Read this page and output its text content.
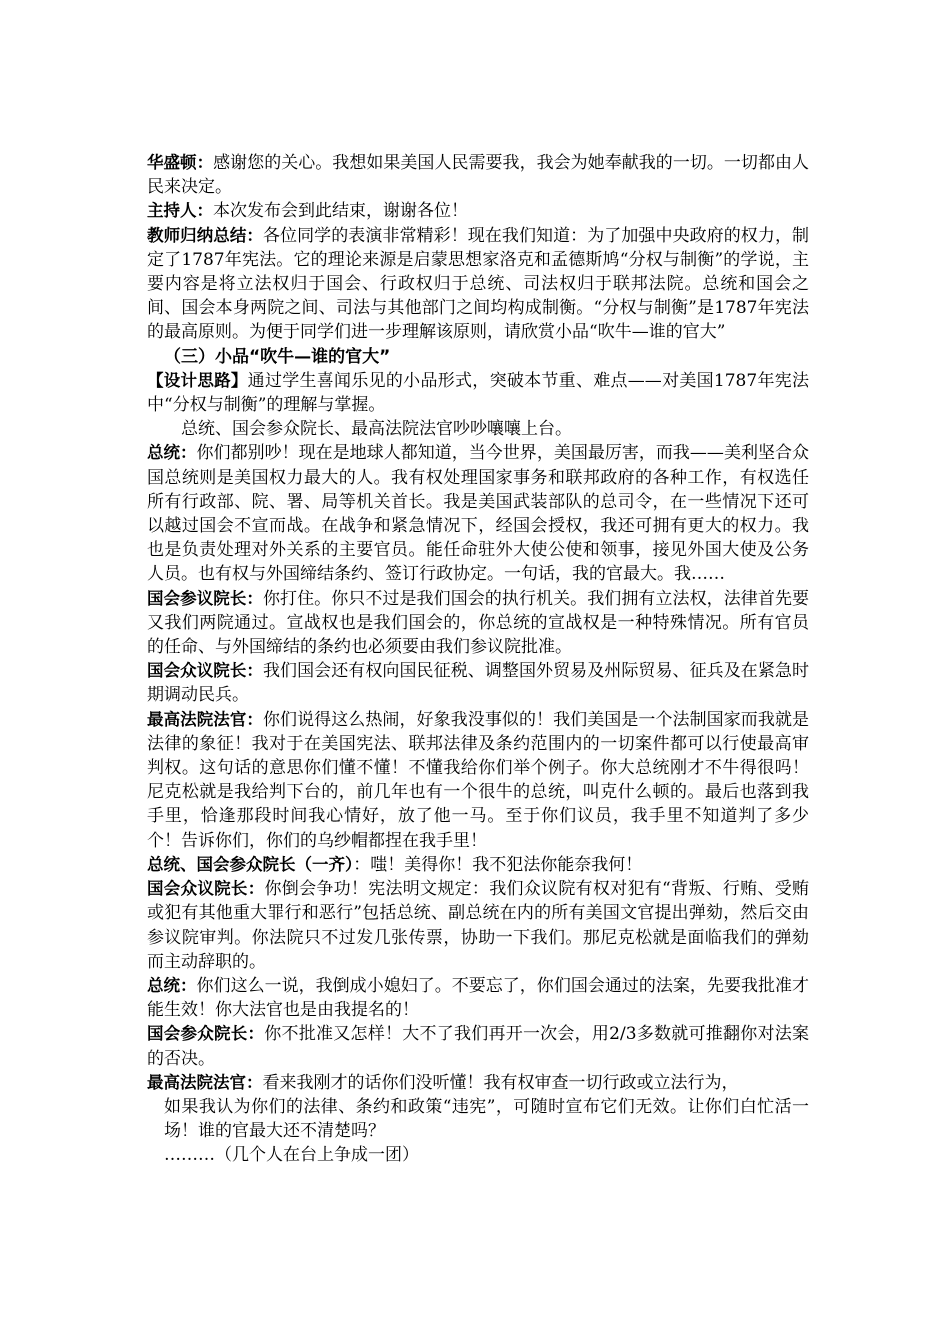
华盛顿：感谢您的关心。我想如果美国人民需要我，我会为她奉献我的一切。一切都由人民来决定。

主持人：本次发布会到此结束，谢谢各位！

教师归纳总结：各位同学的表演非常精彩！现在我们知道：为了加强中央政府的权力，制定了1787年宪法。它的理论来源是启蒙思想家洛克和孟德斯鸠“分权与制衡”的学说，主要内容是将立法权归于国会、行政权归于总统、司法权归于联邦法院。总统和国会之间、国会本身两院之间、司法与其他部门之间均构成制衡。“分权与制衡”是1787年宪法的最高原则。为便于同学们进一步理解该原则，请欣赏小品“吹牛—谁的官大”

（三）小品“吹牛—谁的官大”

【设计思路】通过学生喜闻乐见的小品形式，突破本节重、难点——对美国1787年宪法中“分权与制衡”的理解与掌握。

总统、国会参众院长、最高法院法官吵吵嚷嚷上台。

总统：你们都别吵！现在是地球人都知道，当今世界，美国最厉害，而我——美利坚合众国总统则是美国权力最大的人。我有权处理国家事务和联邦政府的各种工作，有权选任所有行政部、院、署、局等机关首长。我是美国武装部队的总司令，在一些情况下还可以越过国会不宣而战。在战争和紧急情况下，经国会授权，我还可拥有更大的权力。我也是负责处理对外关系的主要官员。能任命驻外大使公使和领事，接见外国大使及公务人员。也有权与外国缔结条约、签订行政协定。一句话，我的官最大。我……

国会参议院长：你打住。你只不过是我们国会的执行机关。我们拥有立法权，法律首先要又我们两院通过。宣战权也是我们国会的，你总统的宣战权是一种特殊情况。所有官员的任命、与外国缔结的条约也必须要由我们参议院批准。

国会众议院长：我们国会还有权向国民征税、调整国外贸易及州际贸易、征兵及在紧急时期调动民兵。

最高法院法官：你们说得这么热闹，好象我没事似的！我们美国是一个法制国家而我就是法律的象征！我对于在美国宪法、联邦法律及条约范围内的一切案件都可以行使最高审判权。这句话的意思你们懂不懂！不懂我给你们举个例子。你大总统刚才不牛得很吗！尼克松就是我给判下台的，前几年也有一个很牛的总统，叫克什么顿的。最后也落到我手里，恰逢那段时间我心情好，放了他一马。至于你们议员，我手里不知道判了多少个！告诉你们，你们的乌纱帽都捏在我手里！

总统、国会参众院长（一齐）：嗤！美得你！我不犯法你能奈我何！

国会众议院长：你倒会争功！宪法明文规定：我们众议院有权对犯有“背叛、行贿、受贿或犯有其他重大罪行和恶行”包括总统、副总统在内的所有美国文官提出弹劾，然后交由参议院审判。你法院只不过发几张传票，协助一下我们。那尼克松就是面临我们的弹劾而主动辞职的。

总统：你们这么一说，我倒成小媳妇了。不要忘了，你们国会通过的法案，先要我批准才能生效！你大法官也是由我提名的！

国会参众院长：你不批准又怎样！大不了我们再开一次会，用2/3多数就可推翻你对法案的否决。

最高法院法官：看来我刚才的话你们没听懂！我有权审查一切行政或立法行为，

如果我认为你们的法律、条约和政策“违宪”，可随时宣布它们无效。让你们白忙活一场！谁的官最大还不清楚吗？

………（几个人在台上争成一团）
